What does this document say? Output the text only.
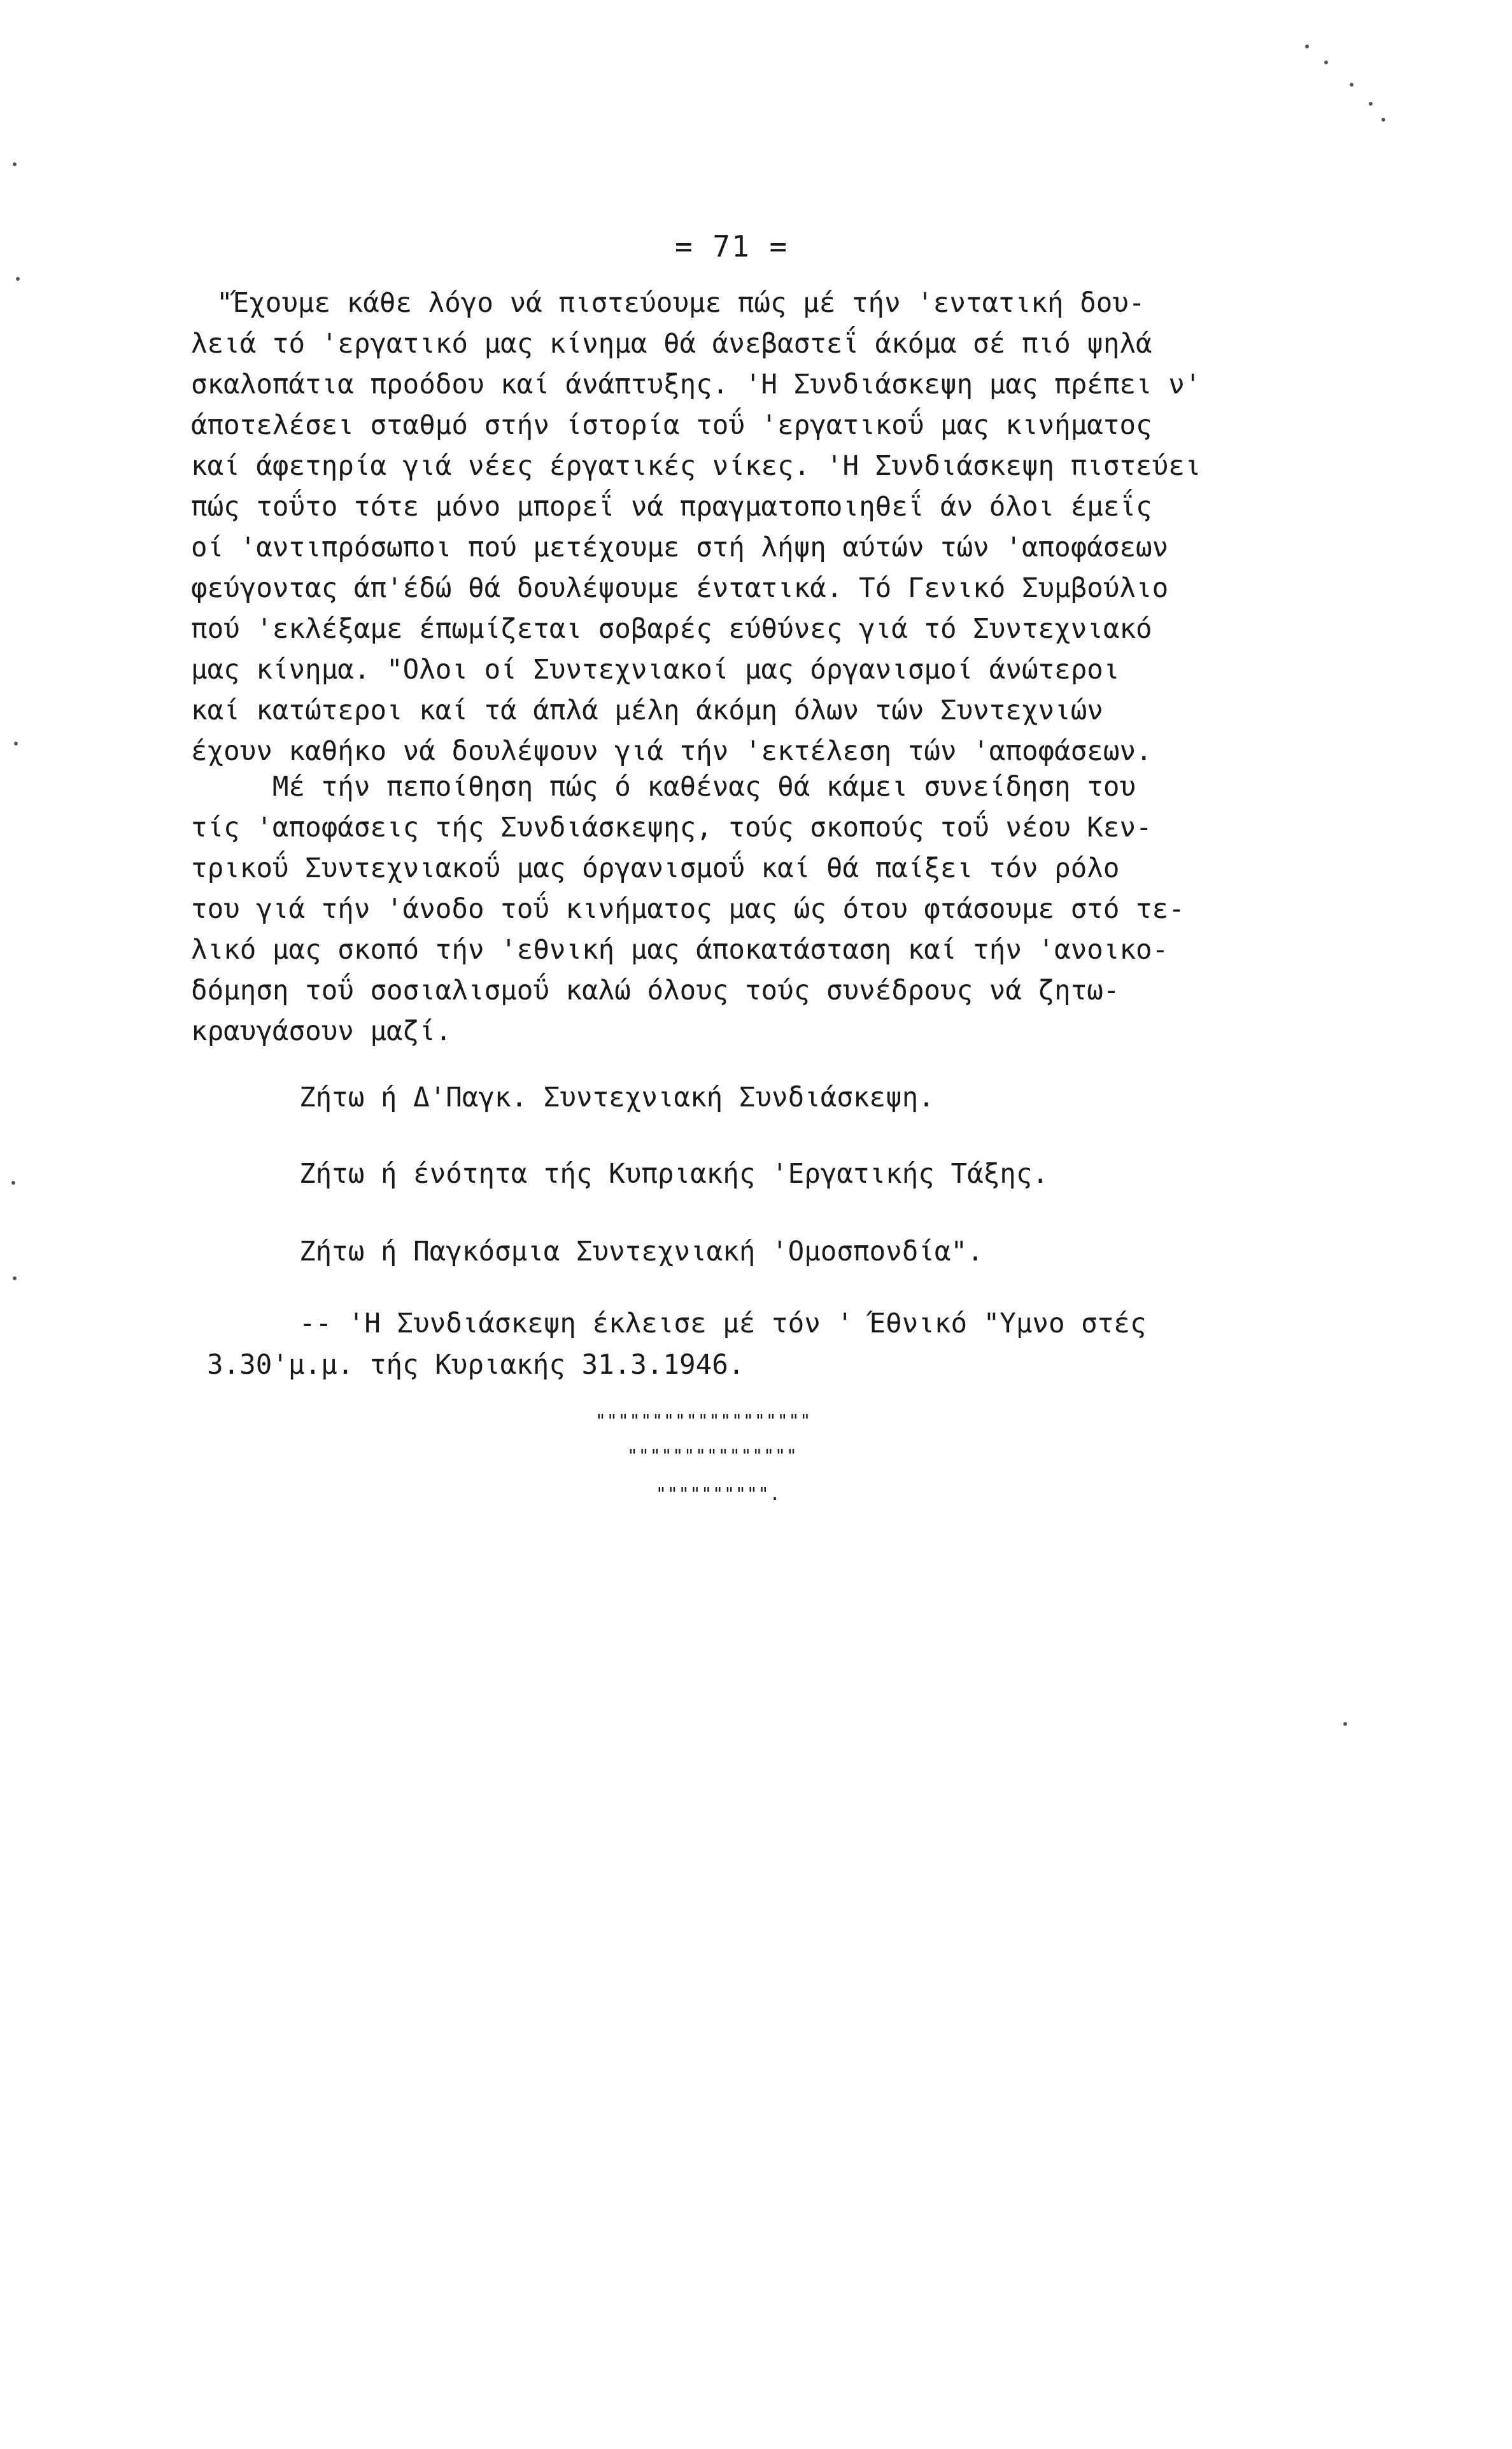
= 71 =
"Έχουμε κάθε λόγο νά πιστεύουμε πώς μέ τήν 'εντατική δου-
λειά τό 'εργατικό μας κίνημα θά άνεβαστεΐ άκόμα σέ πιό ψηλά
σκαλοπάτια προόδου καί άνάπτυξης. 'Η Συνδιάσκεψη μας πρέπει ν'
άποτελέσει σταθμό στήν ίστορία τοΰ 'εργατικοΰ μας κινήματος
καί άφετηρία γιά νέες έργατικές νίκες. 'Η Συνδιάσκεψη πιστεύει
πώς τοΰτο τότε μόνο μπορεΐ νά πραγματοποιηθεΐ άν όλοι έμεΐς
οί 'αντιπρόσωποι πού μετέχουμε στή λήψη αύτών τών 'αποφάσεων
φεύγοντας άπ'έδώ θά δουλέψουμε έντατικά. Τό Γενικό Συμβούλιο
πού 'εκλέξαμε έπωμίζεται σοβαρές εύθύνες γιά τό Συντεχνιακό
μας κίνημα. "Ολοι οί Συντεχνιακοί μας όργανισμοί άνώτεροι
καί κατώτεροι καί τά άπλά μέλη άκόμη όλων τών Συντεχνιών
έχουν καθήκο νά δουλέψουν γιά τήν 'εκτέλεση τών 'αποφάσεων.
Μέ τήν πεποίθηση πώς ό καθένας θά κάμει συνείδηση του
τίς 'αποφάσεις τής Συνδιάσκεψης, τούς σκοπούς τοΰ νέου Κεν-
τρικοΰ Συντεχνιακοΰ μας όργανισμοΰ καί θά παίξει τόν ρόλο
του γιά τήν 'άνοδο τοΰ κινήματος μας ώς ότου φτάσουμε στό τε-
λικό μας σκοπό τήν 'εθνική μας άποκατάσταση καί τήν 'ανοικο-
δόμηση τοΰ σοσιαλισμοΰ καλώ όλους τούς συνέδρους νά ζητω-
κραυγάσουν μαζί.
Ζήτω ή Δ'Παγκ. Συντεχνιακή Συνδιάσκεψη.
Ζήτω ή ένότητα τής Κυπριακής 'Εργατικής Τάξης.
Ζήτω ή Παγκόσμια Συντεχνιακή 'Ομοσπονδία".
-- 'Η Συνδιάσκεψη έκλεισε μέ τόν ' Έθνικό "Υμνο στές
3.30'μ.μ. τής Κυριακής 31.3.1946.
"""""""""""""""""""
"""""""""""""""
"""""""""".
